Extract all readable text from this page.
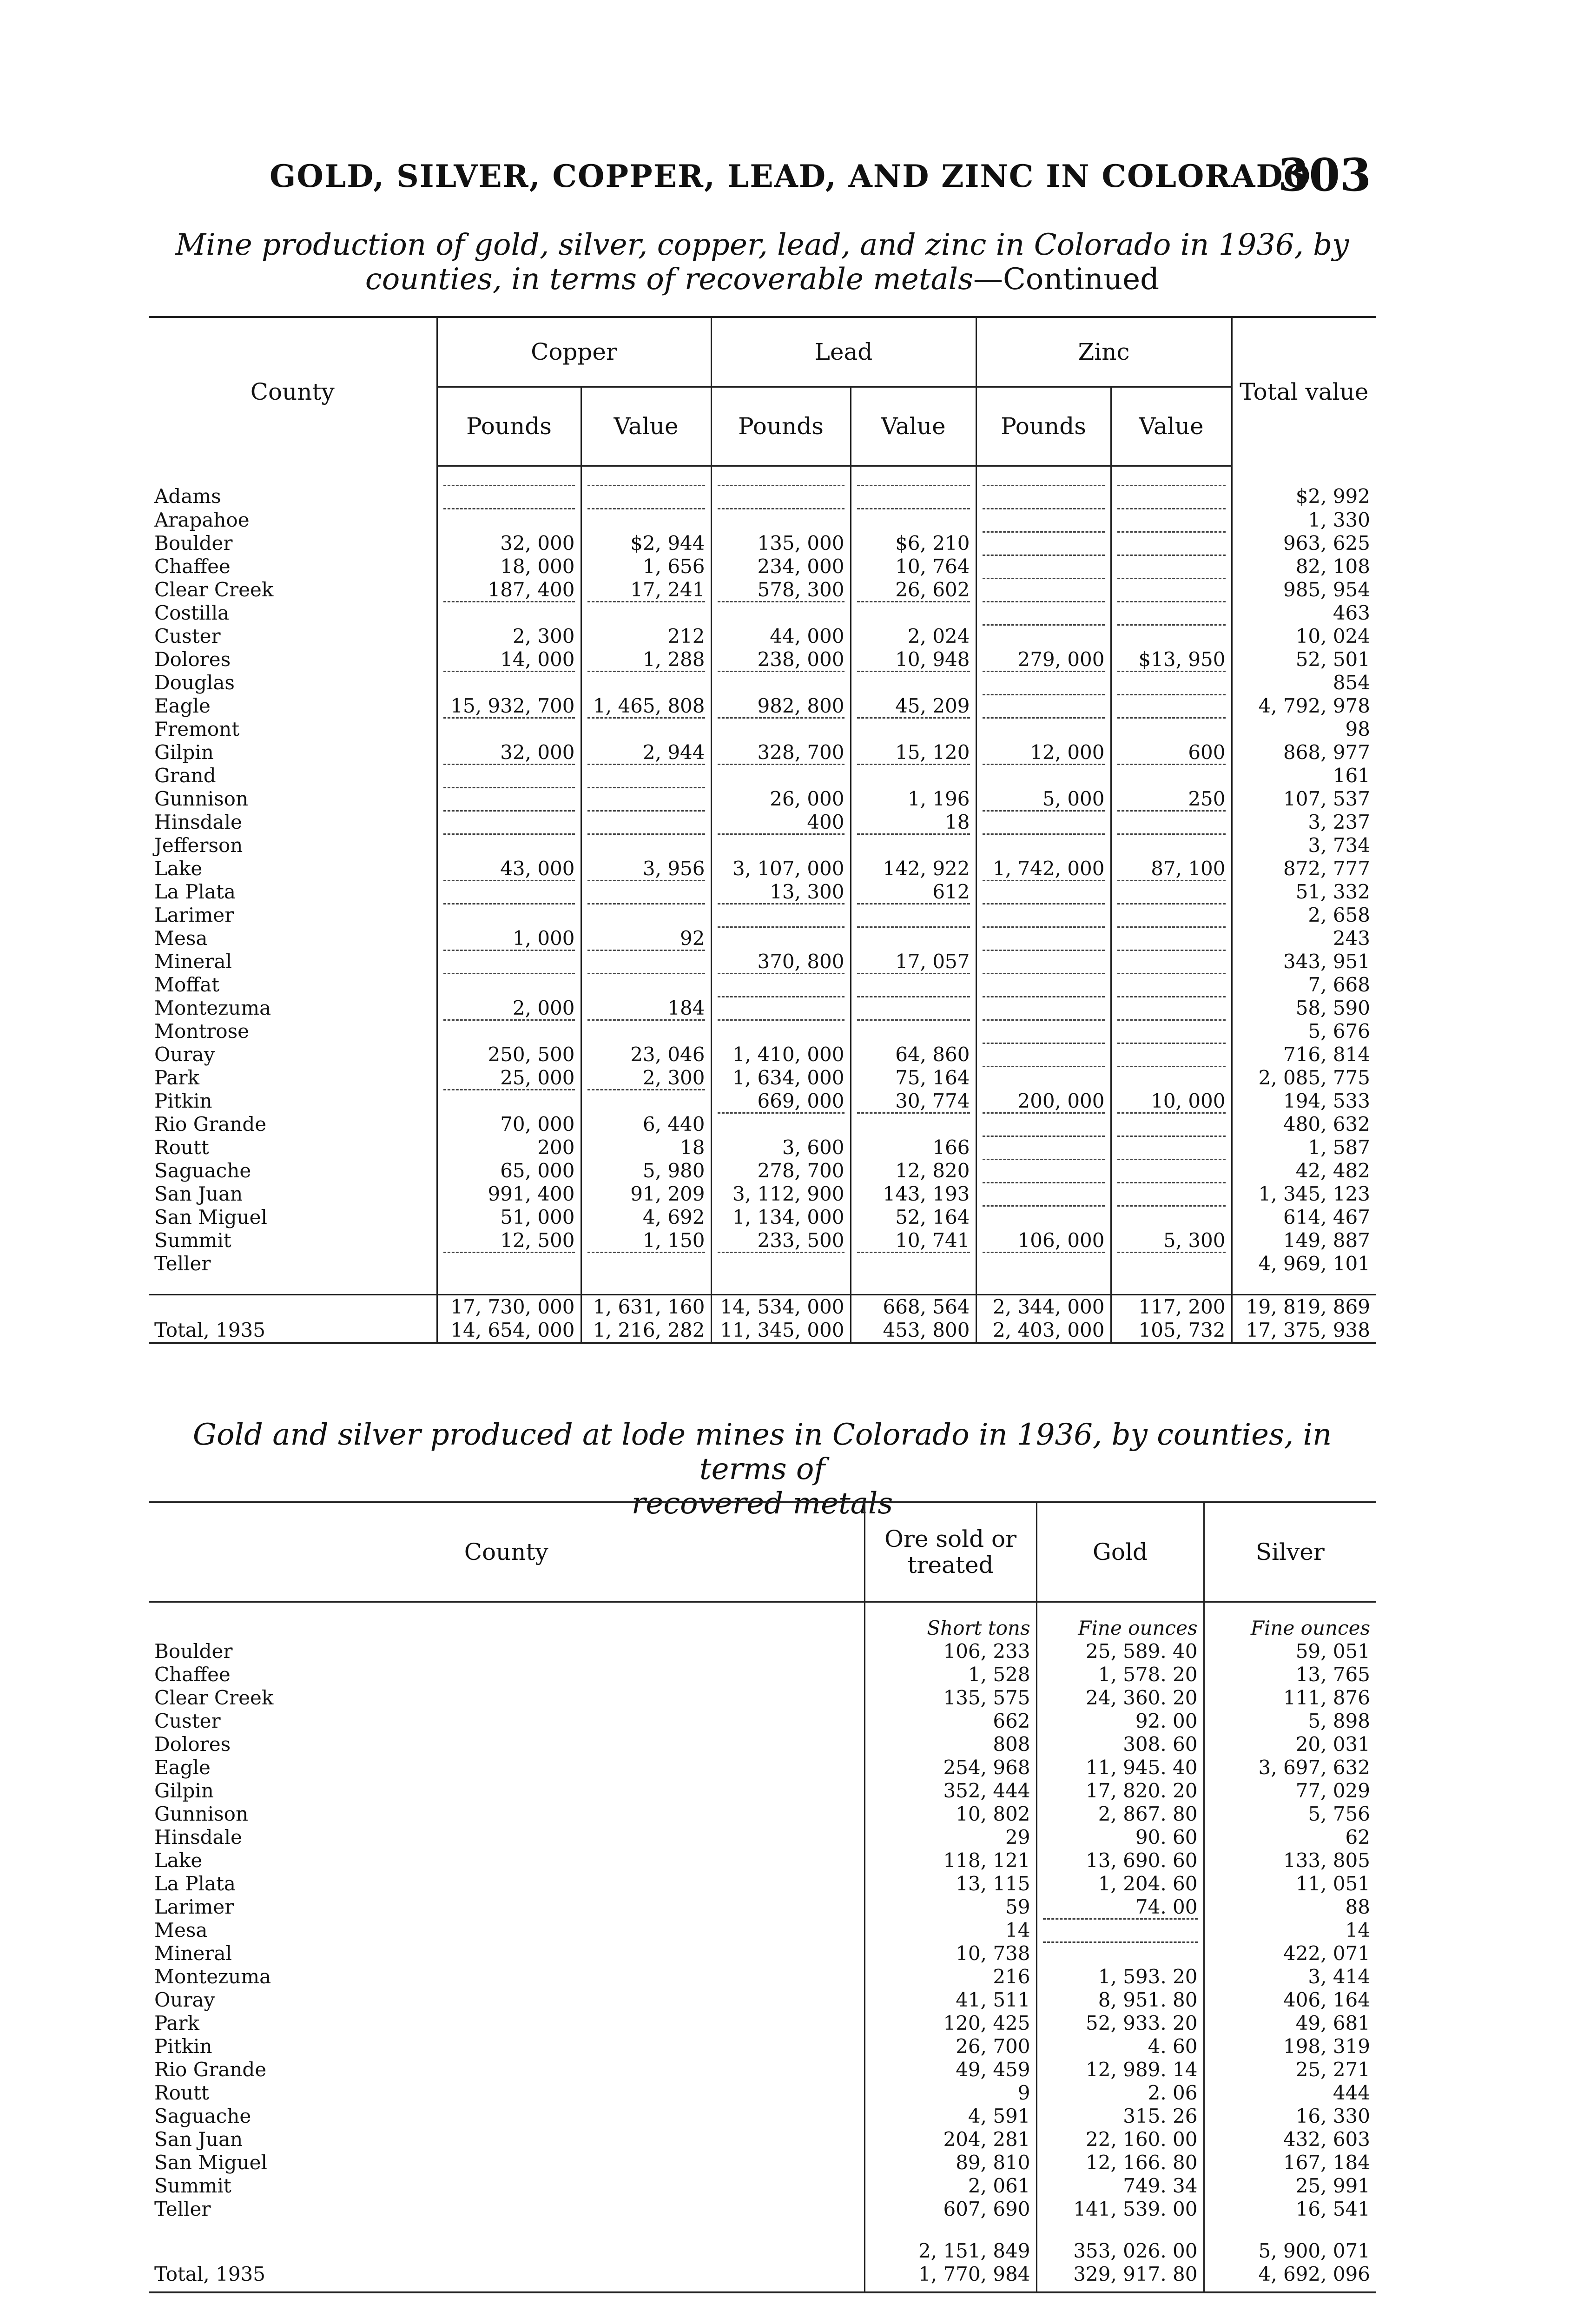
GOLD, SILVER, COPPER, LEAD, AND ZINC IN COLORADO
303
Mine production of gold, silver, copper, lead, and zinc in Colorado in 1936, by counties, in terms of recoverable metals—Continued
County	Copper		Lead		Zinc		Total value
	Pounds	Value	Pounds	Value	Pounds	Value	
Adams							$2, 992
Arapahoe							1, 330
Boulder	32, 000	$2, 944	135, 000	$6, 210			963, 625
Chaffee	18, 000	1, 656	234, 000	10, 764			82, 108
Clear Creek	187, 400	17, 241	578, 300	26, 602			985, 954
Costilla							463
Custer	2, 300	212	44, 000	2, 024			10, 024
Dolores	14, 000	1, 288	238, 000	10, 948	279, 000	$13, 950	52, 501
Douglas							854
Eagle	15, 932, 700	1, 465, 808	982, 800	45, 209			4, 792, 978
Fremont							98
Gilpin	32, 000	2, 944	328, 700	15, 120	12, 000	600	868, 977
Grand							161
Gunnison			26, 000	1, 196	5, 000	250	107, 537
Hinsdale			400	18			3, 237
Jefferson							3, 734
Lake	43, 000	3, 956	3, 107, 000	142, 922	1, 742, 000	87, 100	872, 777
La Plata			13, 300	612			51, 332
Larimer							2, 658
Mesa	1, 000	92					243
Mineral			370, 800	17, 057			343, 951
Moffat							7, 668
Montezuma	2, 000	184					58, 590
Montrose							5, 676
Ouray	250, 500	23, 046	1, 410, 000	64, 860			716, 814
Park	25, 000	2, 300	1, 634, 000	75, 164			2, 085, 775
Pitkin			669, 000	30, 774	200, 000	10, 000	194, 533
Rio Grande	70, 000	6, 440					480, 632
Routt	200	18	3, 600	166			1, 587
Saguache	65, 000	5, 980	278, 700	12, 820			42, 482
San Juan	991, 400	91, 209	3, 112, 900	143, 193			1, 345, 123
San Miguel	51, 000	4, 692	1, 134, 000	52, 164			614, 467
Summit	12, 500	1, 150	233, 500	10, 741	106, 000	5, 300	149, 887
Teller							4, 969, 101

	17, 730, 000	1, 631, 160	14, 534, 000	668, 564	2, 344, 000	117, 200	19, 819, 869
Total, 1935	14, 654, 000	1, 216, 282	11, 345, 000	453, 800	2, 403, 000	105, 732	17, 375, 938
Gold and silver produced at lode mines in Colorado in 1936, by counties, in terms of
recovered metals
County	Ore sold or treated	Gold	Silver
	Short tons	Fine ounces	Fine ounces
Boulder	106, 233	25, 589. 40	59, 051
Chaffee	1, 528	1, 578. 20	13, 765
Clear Creek	135, 575	24, 360. 20	111, 876
Custer	662	92. 00	5, 898
Dolores	808	308. 60	20, 031
Eagle	254, 968	11, 945. 40	3, 697, 632
Gilpin	352, 444	17, 820. 20	77, 029
Gunnison	10, 802	2, 867. 80	5, 756
Hinsdale	29	90. 60	62
Lake	118, 121	13, 690. 60	133, 805
La Plata	13, 115	1, 204. 60	11, 051
Larimer	59	74. 00	88
Mesa	14		14
Mineral	10, 738		422, 071
Montezuma	216	1, 593. 20	3, 414
Ouray	41, 511	8, 951. 80	406, 164
Park	120, 425	52, 933. 20	49, 681
Pitkin	26, 700	4. 60	198, 319
Rio Grande	49, 459	12, 989. 14	25, 271
Routt	9	2. 06	444
Saguache	4, 591	315. 26	16, 330
San Juan	204, 281	22, 160. 00	432, 603
San Miguel	89, 810	12, 166. 80	167, 184
Summit	2, 061	749. 34	25, 991
Teller	607, 690	141, 539. 00	16, 541
	2, 151, 849	353, 026. 00	5, 900, 071
Total, 1935	1, 770, 984	329, 917. 80	4, 692, 096
